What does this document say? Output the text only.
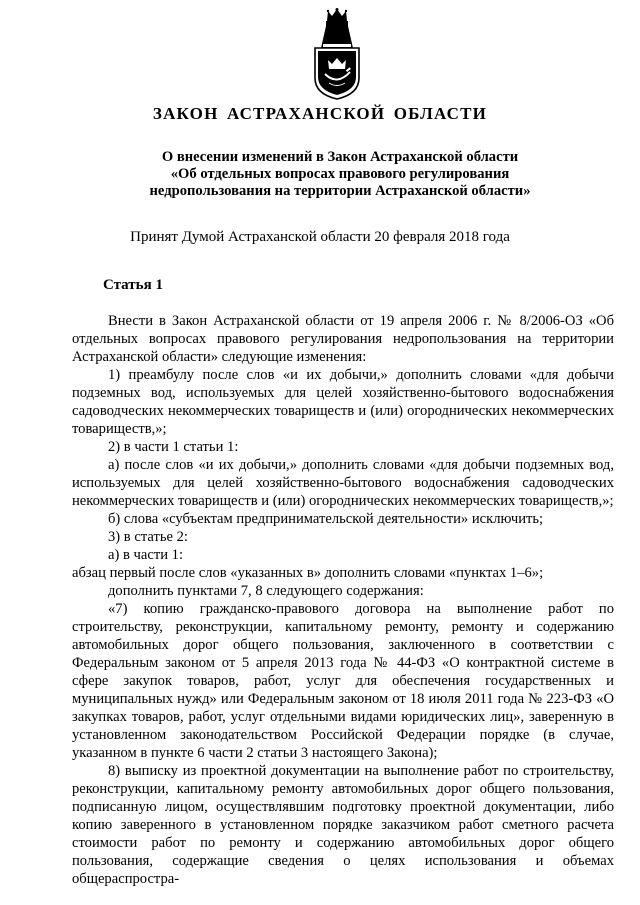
ЗАКОН АСТРАХАНСКОЙ ОБЛАСТИ
О внесении изменений в Закон Астраханской области
«Об отдельных вопросах правового регулирования
недропользования на территории Астраханской области»
Принят Думой Астраханской области 20 февраля 2018 года
Статья 1

Внести в Закон Астраханской области от 19 апреля 2006 г. № 8/2006-ОЗ «Об отдельных вопросах правового регулирования недропользования на территории Астраханской области» следующие изменения:

1) преамбулу после слов «и их добычи,» дополнить словами «для добычи подземных вод, используемых для целей хозяйственно-бытового водоснабжения садоводческих некоммерческих товариществ и (или) огороднических некоммерческих товариществ,»;

2) в части 1 статьи 1:

а) после слов «и их добычи,» дополнить словами «для добычи подземных вод, используемых для целей хозяйственно-бытового водоснабжения садоводческих некоммерческих товариществ и (или) огороднических некоммерческих товариществ,»;

б) слова «субъектам предпринимательской деятельности» исключить;

3) в статье 2:

а) в части 1:

абзац первый после слов «указанных в» дополнить словами «пунктах 1–6»;

дополнить пунктами 7, 8 следующего содержания:

«7) копию гражданско-правового договора на выполнение работ по строительству, реконструкции, капитальному ремонту, ремонту и содержанию автомобильных дорог общего пользования, заключенного в соответствии с Федеральным законом от 5 апреля 2013 года № 44-ФЗ «О контрактной системе в сфере закупок товаров, работ, услуг для обеспечения государственных и муниципальных нужд» или Федеральным законом от 18 июля 2011 года № 223-ФЗ «О закупках товаров, работ, услуг отдельными видами юридических лиц», заверенную в установленном законодательством Российской Федерации порядке (в случае, указанном в пункте 6 части 2 статьи 3 настоящего Закона);

8) выписку из проектной документации на выполнение работ по строительству, реконструкции, капитальному ремонту автомобильных дорог общего пользования, подписанную лицом, осуществлявшим подготовку проектной документации, либо копию заверенного в установленном порядке заказчиком работ сметного расчета стоимости работ по ремонту и содержанию автомобильных дорог общего пользования, содержащие сведения о целях использования и объемах общераспростра-
